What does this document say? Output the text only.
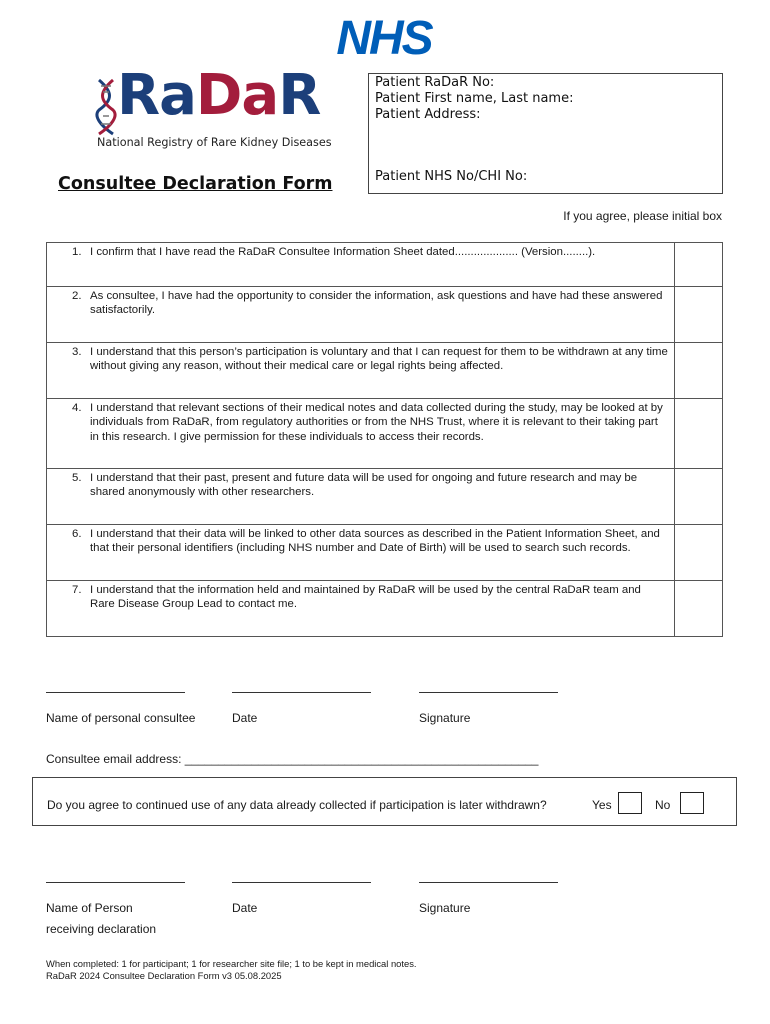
NHS
RaDaR
National Registry of Rare Kidney Diseases
Consultee Declaration Form
Patient RaDaR No:
Patient First name, Last name:
Patient Address:
Patient NHS No/CHI No:
If you agree, please initial box
1. I confirm that I have read the RaDaR Consultee Information Sheet dated.................... (Version........).
2. As consultee, I have had the opportunity to consider the information, ask questions and have had these answered satisfactorily.
3. I understand that this person’s participation is voluntary and that I can request for them to be withdrawn at any time without giving any reason, without their medical care or legal rights being affected.
4. I understand that relevant sections of their medical notes and data collected during the study, may be looked at by individuals from RaDaR, from regulatory authorities or from the NHS Trust, where it is relevant to their taking part in this research. I give permission for these individuals to access their records.
5. I understand that their past, present and future data will be used for ongoing and future research and may be shared anonymously with other researchers.
6. I understand that their data will be linked to other data sources as described in the Patient Information Sheet, and that their personal identifiers (including NHS number and Date of Birth) will be used to search such records.
7. I understand that the information held and maintained by RaDaR will be used by the central RaDaR team and Rare Disease Group Lead to contact me.
Name of personal consultee	Date	Signature
Consultee email address: _____________________________________________________
Do you agree to continued use of any data already collected if participation is later withdrawn?	Yes	No
Name of Person
receiving declaration
Date	Signature
When completed: 1 for participant; 1 for researcher site file; 1 to be kept in medical notes.
RaDaR 2024 Consultee Declaration Form v3 05.08.2025
